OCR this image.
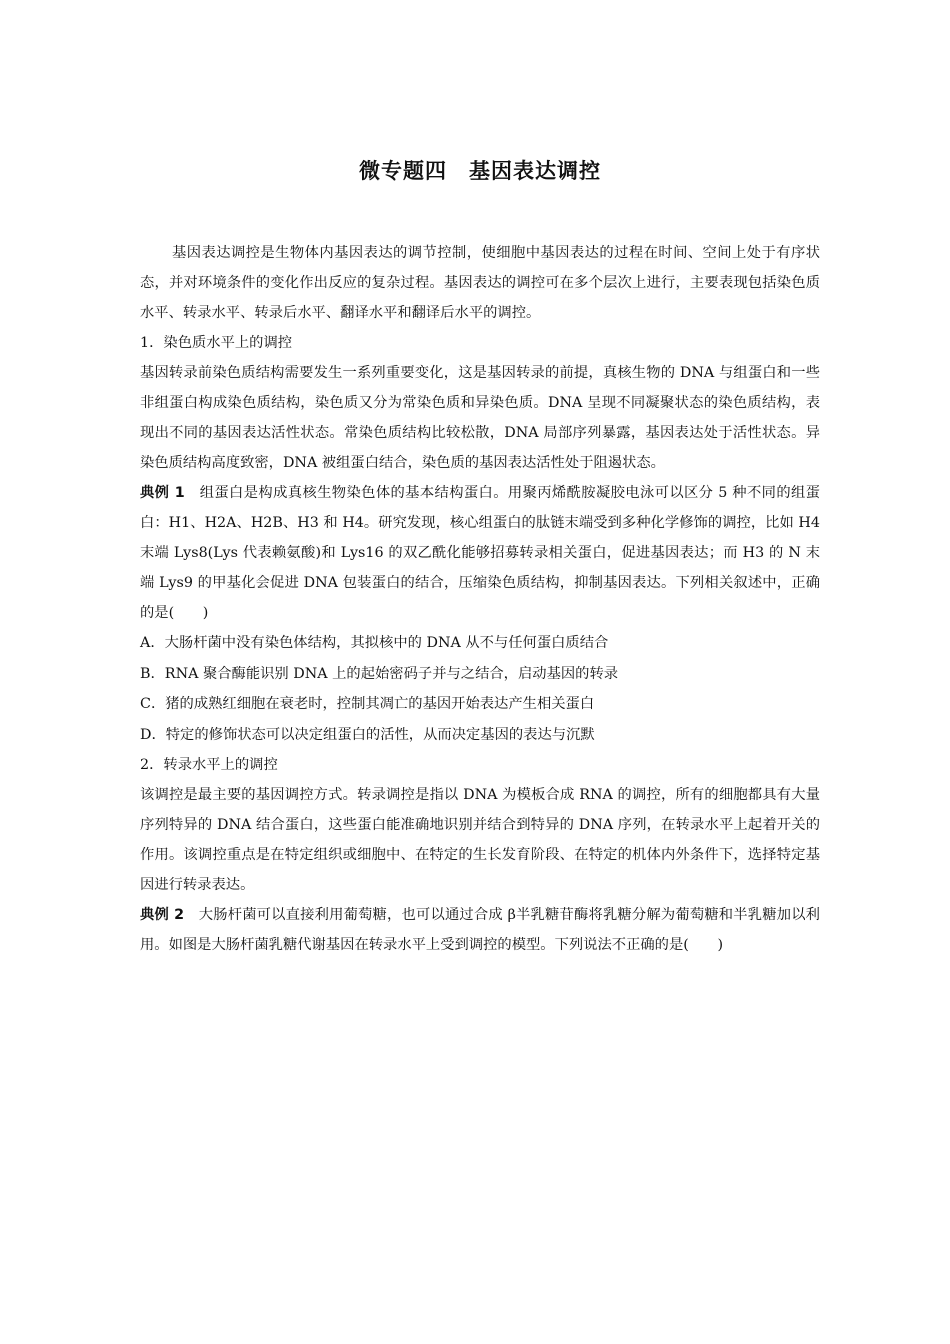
微专题四　基因表达调控

基因表达调控是生物体内基因表达的调节控制，使细胞中基因表达的过程在时间、空间上处于有序状态，并对环境条件的变化作出反应的复杂过程。基因表达的调控可在多个层次上进行，主要表现包括染色质水平、转录水平、转录后水平、翻译水平和翻译后水平的调控。

1．染色质水平上的调控

基因转录前染色质结构需要发生一系列重要变化，这是基因转录的前提，真核生物的 DNA 与组蛋白和一些非组蛋白构成染色质结构，染色质又分为常染色质和异染色质。DNA 呈现不同凝聚状态的染色质结构，表现出不同的基因表达活性状态。常染色质结构比较松散，DNA 局部序列暴露，基因表达处于活性状态。异染色质结构高度致密，DNA 被组蛋白结合，染色质的基因表达活性处于阻遏状态。

典例 1　组蛋白是构成真核生物染色体的基本结构蛋白。用聚丙烯酰胺凝胶电泳可以区分 5 种不同的组蛋白：H1、H2A、H2B、H3 和 H4。研究发现，核心组蛋白的肽链末端受到多种化学修饰的调控，比如 H4 末端 Lys8(Lys 代表赖氨酸)和 Lys16 的双乙酰化能够招募转录相关蛋白，促进基因表达；而 H3 的 N 末端 Lys9 的甲基化会促进 DNA 包装蛋白的结合，压缩染色质结构，抑制基因表达。下列相关叙述中，正确的是(　　)

A．大肠杆菌中没有染色体结构，其拟核中的 DNA 从不与任何蛋白质结合

B．RNA 聚合酶能识别 DNA 上的起始密码子并与之结合，启动基因的转录

C．猪的成熟红细胞在衰老时，控制其凋亡的基因开始表达产生相关蛋白

D．特定的修饰状态可以决定组蛋白的活性，从而决定基因的表达与沉默

2．转录水平上的调控

该调控是最主要的基因调控方式。转录调控是指以 DNA 为模板合成 RNA 的调控，所有的细胞都具有大量序列特异的 DNA 结合蛋白，这些蛋白能准确地识别并结合到特异的 DNA 序列，在转录水平上起着开关的作用。该调控重点是在特定组织或细胞中、在特定的生长发育阶段、在特定的机体内外条件下，选择特定基因进行转录表达。

典例 2　大肠杆菌可以直接利用葡萄糖，也可以通过合成 β半乳糖苷酶将乳糖分解为葡萄糖和半乳糖加以利用。如图是大肠杆菌乳糖代谢基因在转录水平上受到调控的模型。下列说法不正确的是(　　)
